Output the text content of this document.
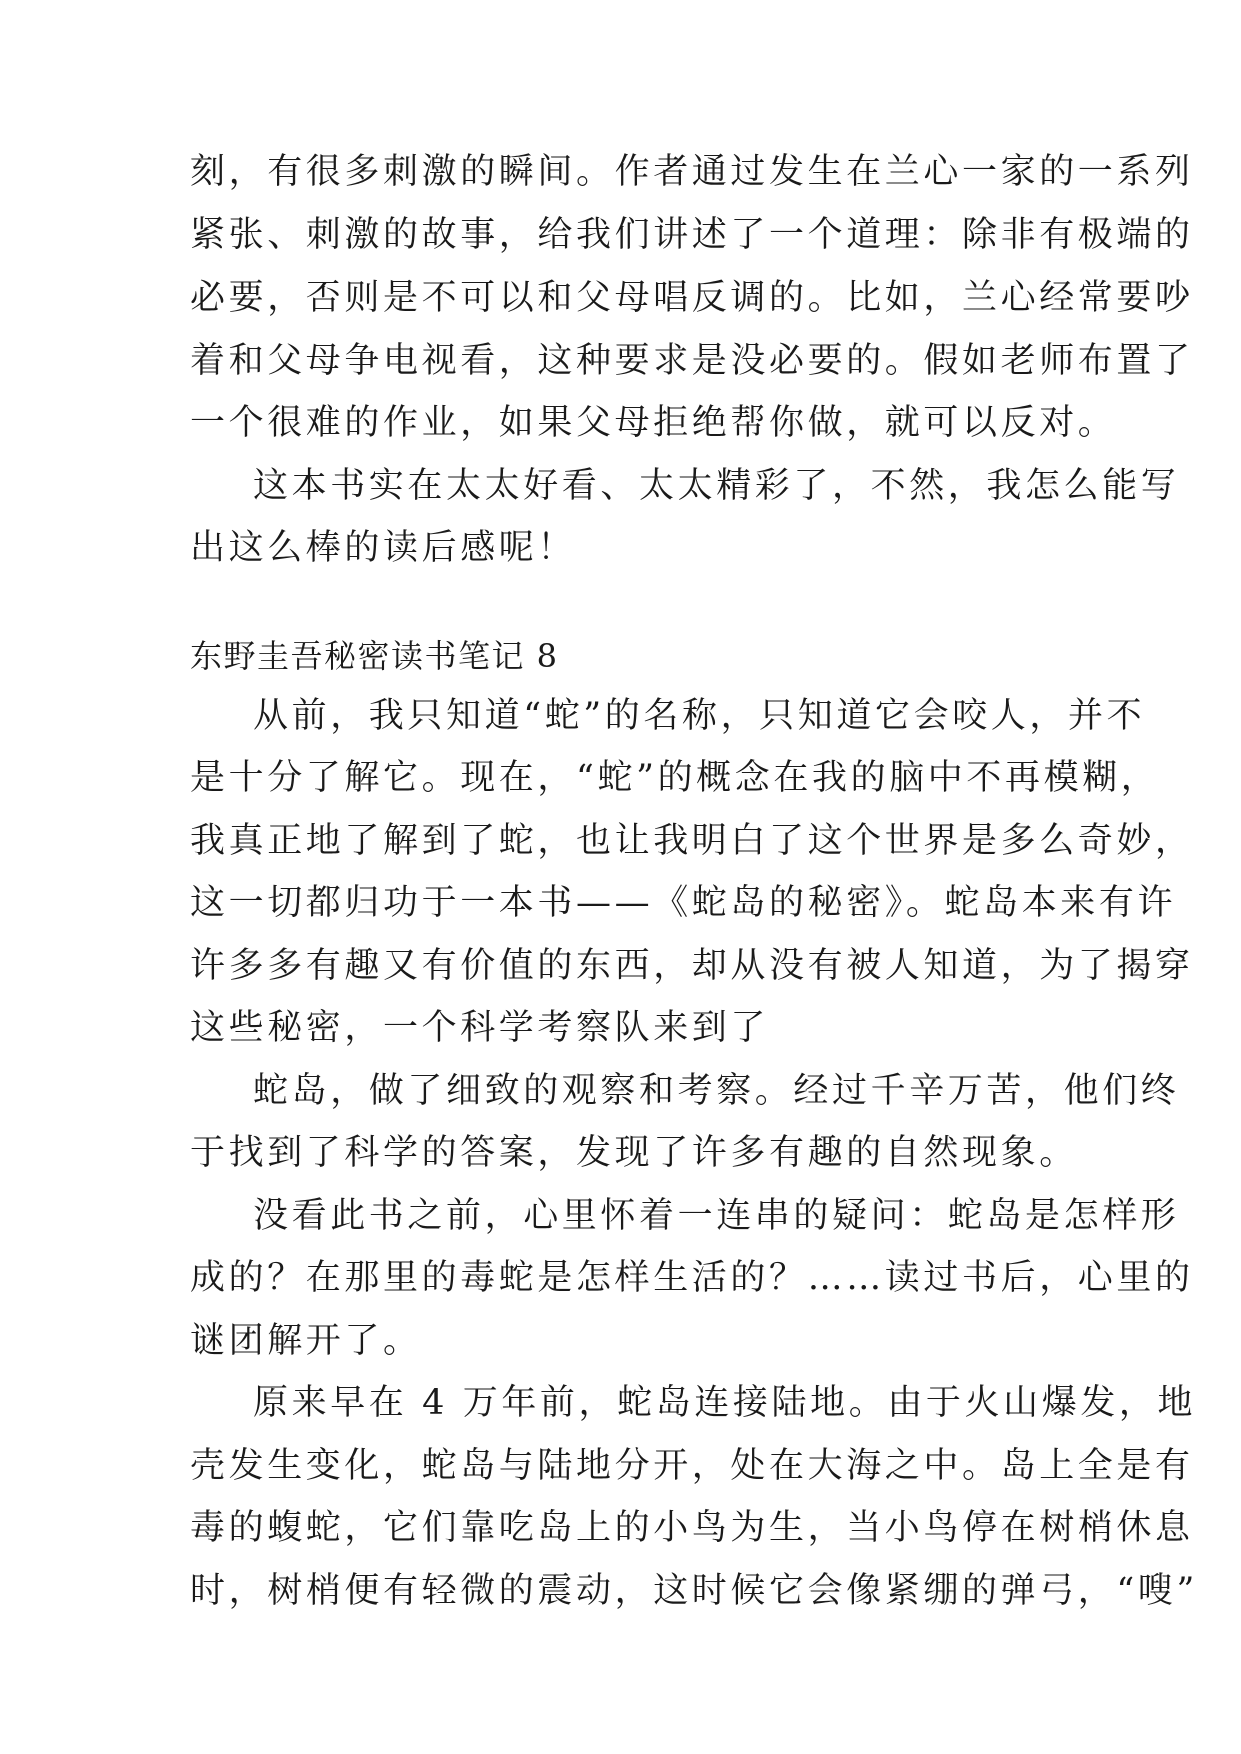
刻，有很多刺激的瞬间。作者通过发生在兰心一家的一系列
紧张、刺激的故事，给我们讲述了一个道理：除非有极端的
必要，否则是不可以和父母唱反调的。比如，兰心经常要吵
着和父母争电视看，这种要求是没必要的。假如老师布置了
一个很难的作业，如果父母拒绝帮你做，就可以反对。
这本书实在太太好看、太太精彩了，不然，我怎么能写
出这么棒的读后感呢！
东野圭吾秘密读书笔记 8
从前，我只知道“蛇”的名称，只知道它会咬人，并不
是十分了解它。现在，“蛇”的概念在我的脑中不再模糊，
我真正地了解到了蛇，也让我明白了这个世界是多么奇妙，
这一切都归功于一本书——《蛇岛的秘密》。蛇岛本来有许
许多多有趣又有价值的东西，却从没有被人知道，为了揭穿
这些秘密，一个科学考察队来到了
蛇岛，做了细致的观察和考察。经过千辛万苦，他们终
于找到了科学的答案，发现了许多有趣的自然现象。
没看此书之前，心里怀着一连串的疑问：蛇岛是怎样形
成的？在那里的毒蛇是怎样生活的？……读过书后，心里的
谜团解开了。
原来早在 4 万年前，蛇岛连接陆地。由于火山爆发，地
壳发生变化，蛇岛与陆地分开，处在大海之中。岛上全是有
毒的蝮蛇，它们靠吃岛上的小鸟为生，当小鸟停在树梢休息
时，树梢便有轻微的震动，这时候它会像紧绷的弹弓，“嗖”
